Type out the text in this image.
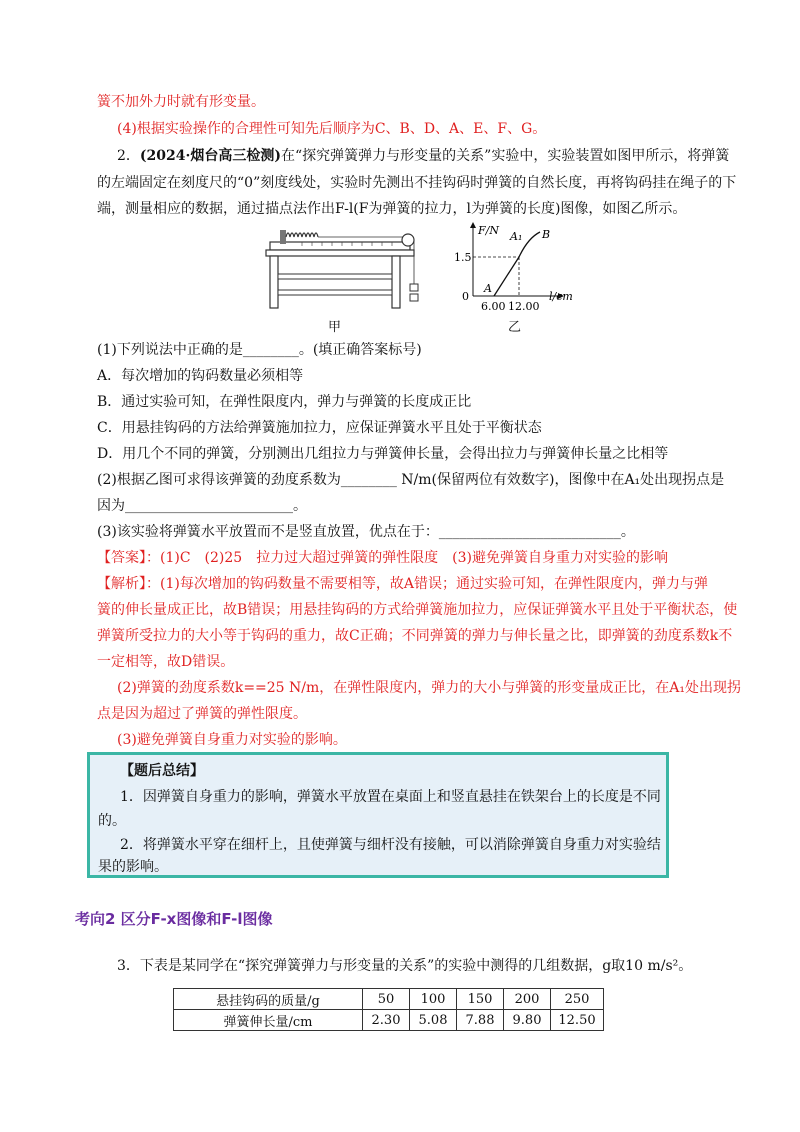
簧不加外力时就有形变量。
(4)根据实验操作的合理性可知先后顺序为C、B、D、A、E、F、G。
2．(2024·烟台高三检测)在“探究弹簧弹力与形变量的关系”实验中，实验装置如图甲所示，将弹簧
的左端固定在刻度尺的“0”刻度线处，实验时先测出不挂钩码时弹簧的自然长度，再将钩码挂在绳子的下
端，测量相应的数据，通过描点法作出F-l(F为弹簧的拉力，l为弹簧的长度)图像，如图乙所示。
甲
F/N
1.5
0
A
A₁ B
6.00 12.00
l/cm
乙
(1)下列说法中正确的是________。(填正确答案标号)
A．每次增加的钩码数量必须相等
B．通过实验可知，在弹性限度内，弹力与弹簧的长度成正比
C．用悬挂钩码的方法给弹簧施加拉力，应保证弹簧水平且处于平衡状态
D．用几个不同的弹簧，分别测出几组拉力与弹簧伸长量，会得出拉力与弹簧伸长量之比相等
(2)根据乙图可求得该弹簧的劲度系数为________ N/m(保留两位有效数字)，图像中在A₁处出现拐点是
因为________________________。
(3)该实验将弹簧水平放置而不是竖直放置，优点在于：__________________________。
【答案】：(1)C　(2)25　拉力过大超过弹簧的弹性限度　(3)避免弹簧自身重力对实验的影响
【解析】：(1)每次增加的钩码数量不需要相等，故A错误；通过实验可知，在弹性限度内，弹力与弹
簧的伸长量成正比，故B错误；用悬挂钩码的方式给弹簧施加拉力，应保证弹簧水平且处于平衡状态，使
弹簧所受拉力的大小等于钩码的重力，故C正确；不同弹簧的弹力与伸长量之比，即弹簧的劲度系数k不
一定相等，故D错误。
(2)弹簧的劲度系数k==25 N/m，在弹性限度内，弹力的大小与弹簧的形变量成正比，在A₁处出现拐
点是因为超过了弹簧的弹性限度。
(3)避免弹簧自身重力对实验的影响。
【题后总结】
1．因弹簧自身重力的影响，弹簧水平放置在桌面上和竖直悬挂在铁架台上的长度是不同
的。
2．将弹簧水平穿在细杆上，且使弹簧与细杆没有接触，可以消除弹簧自身重力对实验结
果的影响。
考向2 区分F-x图像和F-l图像
3．下表是某同学在“探究弹簧弹力与形变量的关系”的实验中测得的几组数据，g取10 m/s²。
悬挂钩码的质量/g	50	100	150	200	250
弹簧伸长量/cm	2.30	5.08	7.88	9.80	12.50
